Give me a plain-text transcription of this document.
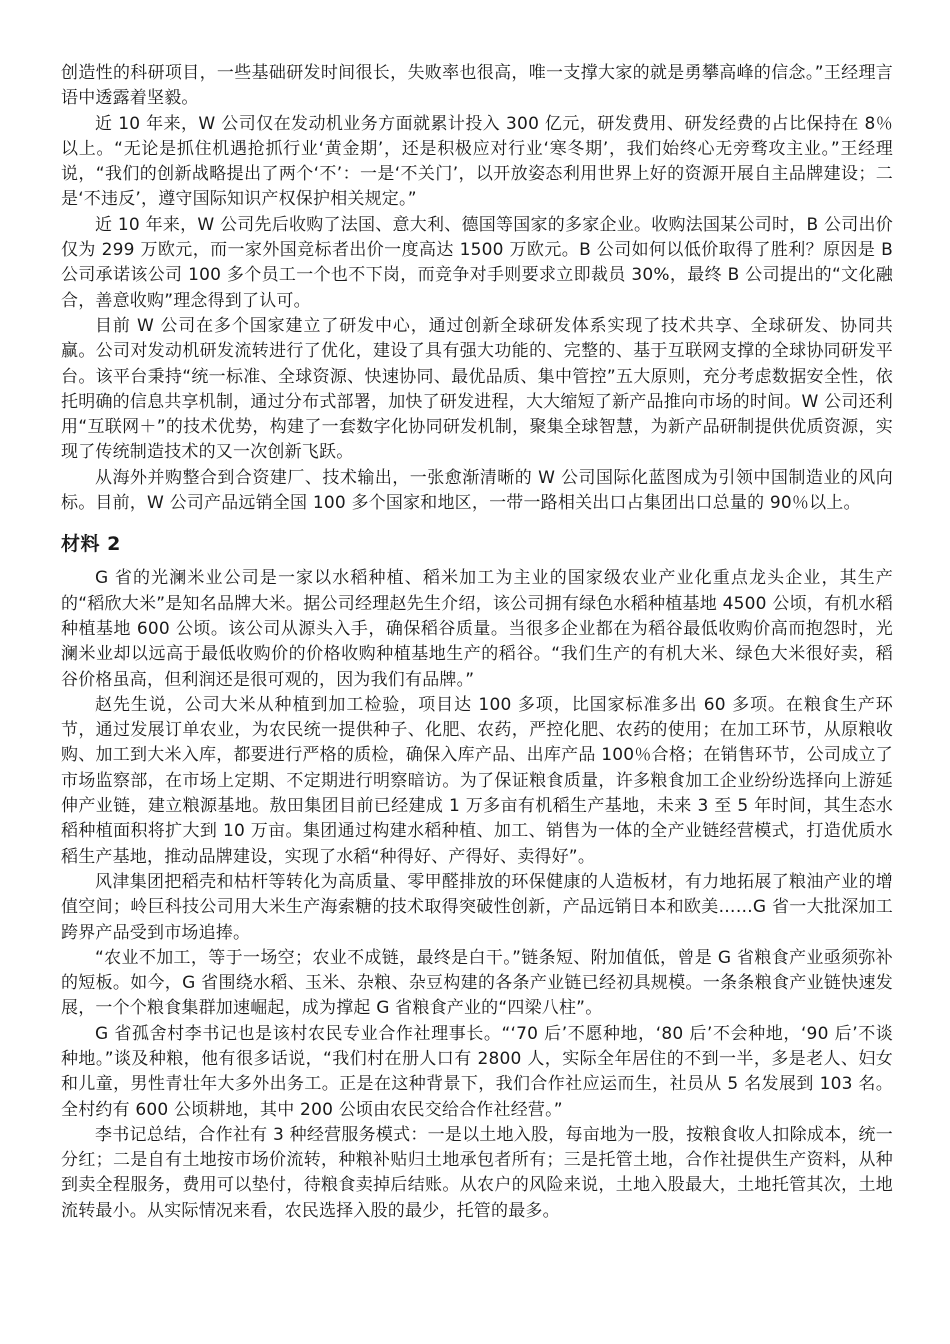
创造性的科研项目，一些基础研发时间很长，失败率也很高，唯一支撑大家的就是勇攀高峰的信念。”王经理言语中透露着坚毅。

近 10 年来，W 公司仅在发动机业务方面就累计投入 300 亿元，研发费用、研发经费的占比保持在 8％以上。“无论是抓住机遇抢抓行业‘黄金期’，还是积极应对行业‘寒冬期’，我们始终心无旁骛攻主业。”王经理说，“我们的创新战略提出了两个‘不’：一是‘不关门’，以开放姿态利用世界上好的资源开展自主品牌建设；二是‘不违反’，遵守国际知识产权保护相关规定。”

近 10 年来，W 公司先后收购了法国、意大利、德国等国家的多家企业。收购法国某公司时，B 公司出价仅为 299 万欧元，而一家外国竞标者出价一度高达 1500 万欧元。B 公司如何以低价取得了胜利？原因是 B 公司承诺该公司 100 多个员工一个也不下岗，而竞争对手则要求立即裁员 30%，最终 B 公司提出的“文化融合，善意收购”理念得到了认可。

目前 W 公司在多个国家建立了研发中心，通过创新全球研发体系实现了技术共享、全球研发、协同共赢。公司对发动机研发流转进行了优化，建设了具有强大功能的、完整的、基于互联网支撑的全球协同研发平台。该平台秉持“统一标准、全球资源、快速协同、最优品质、集中管控”五大原则，充分考虑数据安全性，依托明确的信息共享机制，通过分布式部署，加快了研发进程，大大缩短了新产品推向市场的时间。W 公司还利用“互联网＋”的技术优势，构建了一套数字化协同研发机制，聚集全球智慧，为新产品研制提供优质资源，实现了传统制造技术的又一次创新飞跃。

从海外并购整合到合资建厂、技术输出，一张愈渐清晰的 W 公司国际化蓝图成为引领中国制造业的风向标。目前，W 公司产品远销全国 100 多个国家和地区，一带一路相关出口占集团出口总量的 90％以上。

材料 2

G 省的光澜米业公司是一家以水稻种植、稻米加工为主业的国家级农业产业化重点龙头企业，其生产的“稻欣大米”是知名品牌大米。据公司经理赵先生介绍，该公司拥有绿色水稻种植基地 4500 公顷，有机水稻种植基地 600 公顷。该公司从源头入手，确保稻谷质量。当很多企业都在为稻谷最低收购价高而抱怨时，光澜米业却以远高于最低收购价的价格收购种植基地生产的稻谷。“我们生产的有机大米、绿色大米很好卖，稻谷价格虽高，但利润还是很可观的，因为我们有品牌。”

赵先生说，公司大米从种植到加工检验，项目达 100 多项，比国家标准多出 60 多项。在粮食生产环节，通过发展订单农业，为农民统一提供种子、化肥、农药，严控化肥、农药的使用；在加工环节，从原粮收购、加工到大米入库，都要进行严格的质检，确保入库产品、出库产品 100％合格；在销售环节，公司成立了市场监察部，在市场上定期、不定期进行明察暗访。为了保证粮食质量，许多粮食加工企业纷纷选择向上游延伸产业链，建立粮源基地。敖田集团目前已经建成 1 万多亩有机稻生产基地，未来 3 至 5 年时间，其生态水稻种植面积将扩大到 10 万亩。集团通过构建水稻种植、加工、销售为一体的全产业链经营模式，打造优质水稻生产基地，推动品牌建设，实现了水稻“种得好、产得好、卖得好”。

风津集团把稻壳和枯杆等转化为高质量、零甲醛排放的环保健康的人造板材，有力地拓展了粮油产业的增值空间；岭巨科技公司用大米生产海索糖的技术取得突破性创新，产品远销日本和欧美……G 省一大批深加工跨界产品受到市场追捧。

“农业不加工，等于一场空；农业不成链，最终是白干。”链条短、附加值低，曾是 G 省粮食产业亟须弥补的短板。如今，G 省围绕水稻、玉米、杂粮、杂豆构建的各条产业链已经初具规模。一条条粮食产业链快速发展，一个个粮食集群加速崛起，成为撑起 G 省粮食产业的“四梁八柱”。

G 省孤舍村李书记也是该村农民专业合作社理事长。“‘70 后’不愿种地，‘80 后’不会种地，‘90 后’不谈种地。”谈及种粮，他有很多话说，“我们村在册人口有 2800 人，实际全年居住的不到一半，多是老人、妇女和儿童，男性青壮年大多外出务工。正是在这种背景下，我们合作社应运而生，社员从 5 名发展到 103 名。全村约有 600 公顷耕地，其中 200 公顷由农民交给合作社经营。”

李书记总结，合作社有 3 种经营服务模式：一是以土地入股，每亩地为一股，按粮食收人扣除成本，统一分红；二是自有土地按市场价流转，种粮补贴归土地承包者所有；三是托管土地，合作社提供生产资料，从种到卖全程服务，费用可以垫付，待粮食卖掉后结账。从农户的风险来说，土地入股最大，土地托管其次，土地流转最小。从实际情况来看，农民选择入股的最少，托管的最多。
